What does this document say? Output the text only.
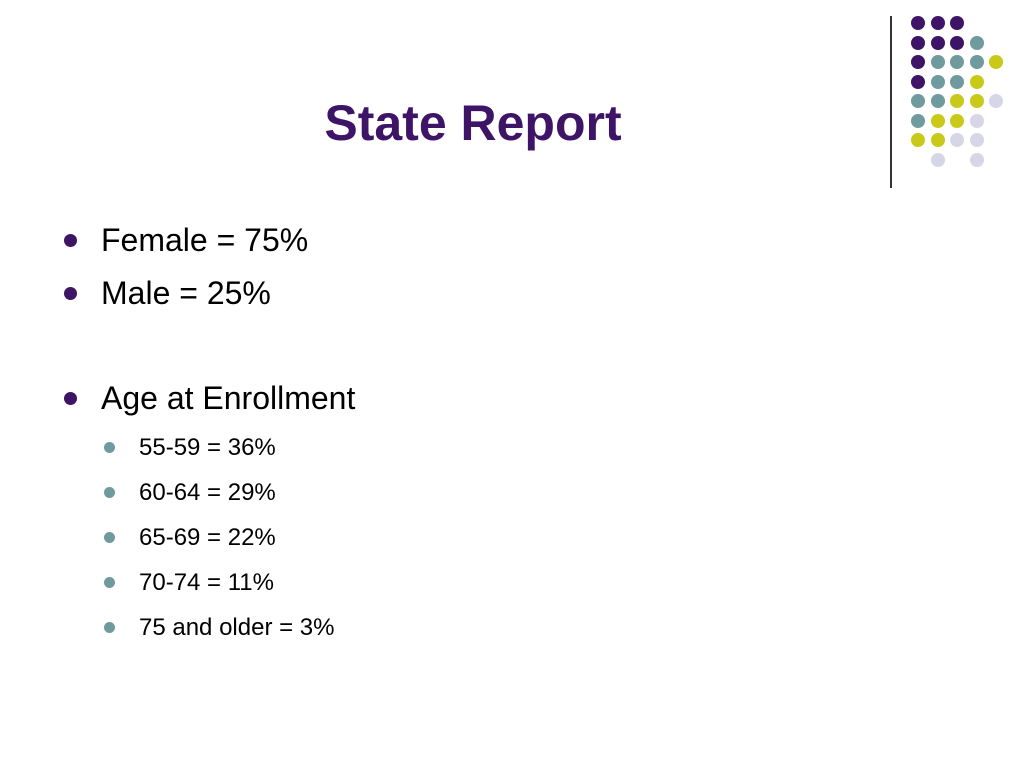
State Report
Female = 75%
Male = 25%
Age at Enrollment
55-59 = 36%
60-64 = 29%
65-69 = 22%
70-74 = 11%
75 and older = 3%
